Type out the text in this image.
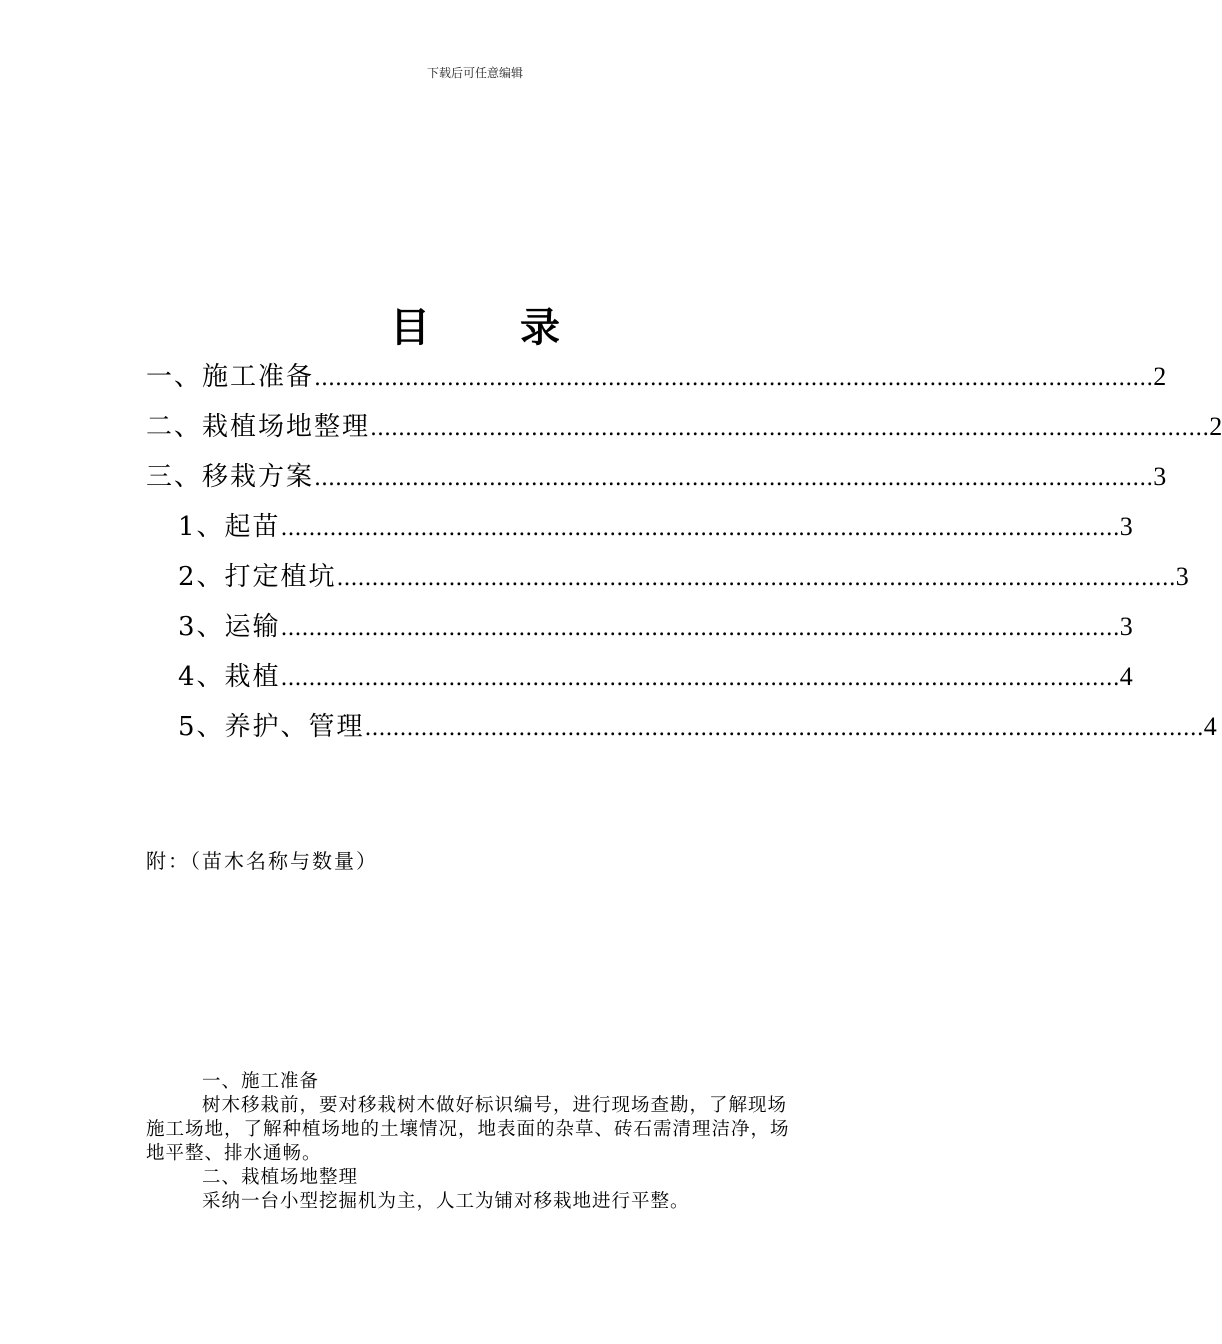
下载后可任意编辑
目 录
一、施工准备 ........................................................................................................................ 2
二、栽植场地整理 ........................................................................................................................ 2
三、移栽方案 ........................................................................................................................ 3
1、起苗 ........................................................................................................................ 3
2、打定植坑 ........................................................................................................................ 3
3、运输 ........................................................................................................................ 3
4、栽植 ........................................................................................................................ 4
5、养护、管理 ........................................................................................................................ 4
附：（苗木名称与数量）

一、施工准备

树木移栽前，要对移栽树木做好标识编号，进行现场查勘，了解现场施工场地，了解种植场地的土壤情况，地表面的杂草、砖石需清理洁净，场地平整、排水通畅。

二、栽植场地整理

采纳一台小型挖掘机为主，人工为铺对移栽地进行平整。
